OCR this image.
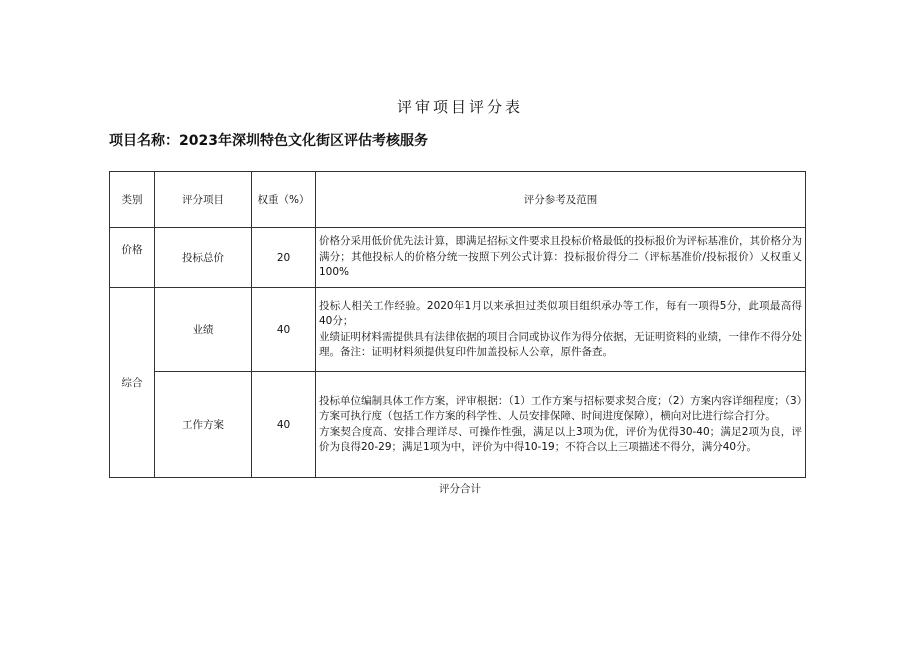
评审项目评分表
项目名称：2023年深圳特色文化街区评估考核服务
类别	评分项目	权重（%）	评分参考及范围
价格	投标总价	20	价格分采用低价优先法计算，即满足招标文件要求且投标价格最低的投标报价为评标基准价，其价格分为满分；其他投标人的价格分统一按照下列公式计算：投标报价得分二（评标基准价/投标报价）乂权重乂100%
综合	业绩	40	投标人相关工作经验。2020年1月以来承担过类似项目组织承办等工作，每有一项得5分，此项最高得40分；
业绩证明材料需提供具有法律依据的项目合同或协议作为得分依据，无证明资料的业绩，一律作不得分处理。备注：证明材料须提供复印件加盖投标人公章，原件备查。

	工作方案	40	投标单位编制具体工作方案，评审根据：（1）工作方案与招标要求契合度；（2）方案内容详细程度；（3）方案可执行度（包括工作方案的科学性、人员安排保障、时间进度保障），横向对比进行综合打分。
方案契合度高、安排合理详尽、可操作性强，满足以上3项为优，评价为优得30-40；满足2项为良，评价为良得20-29；满足1项为中，评价为中得10-19；不符合以上三项描述不得分，满分40分。
评分合计
